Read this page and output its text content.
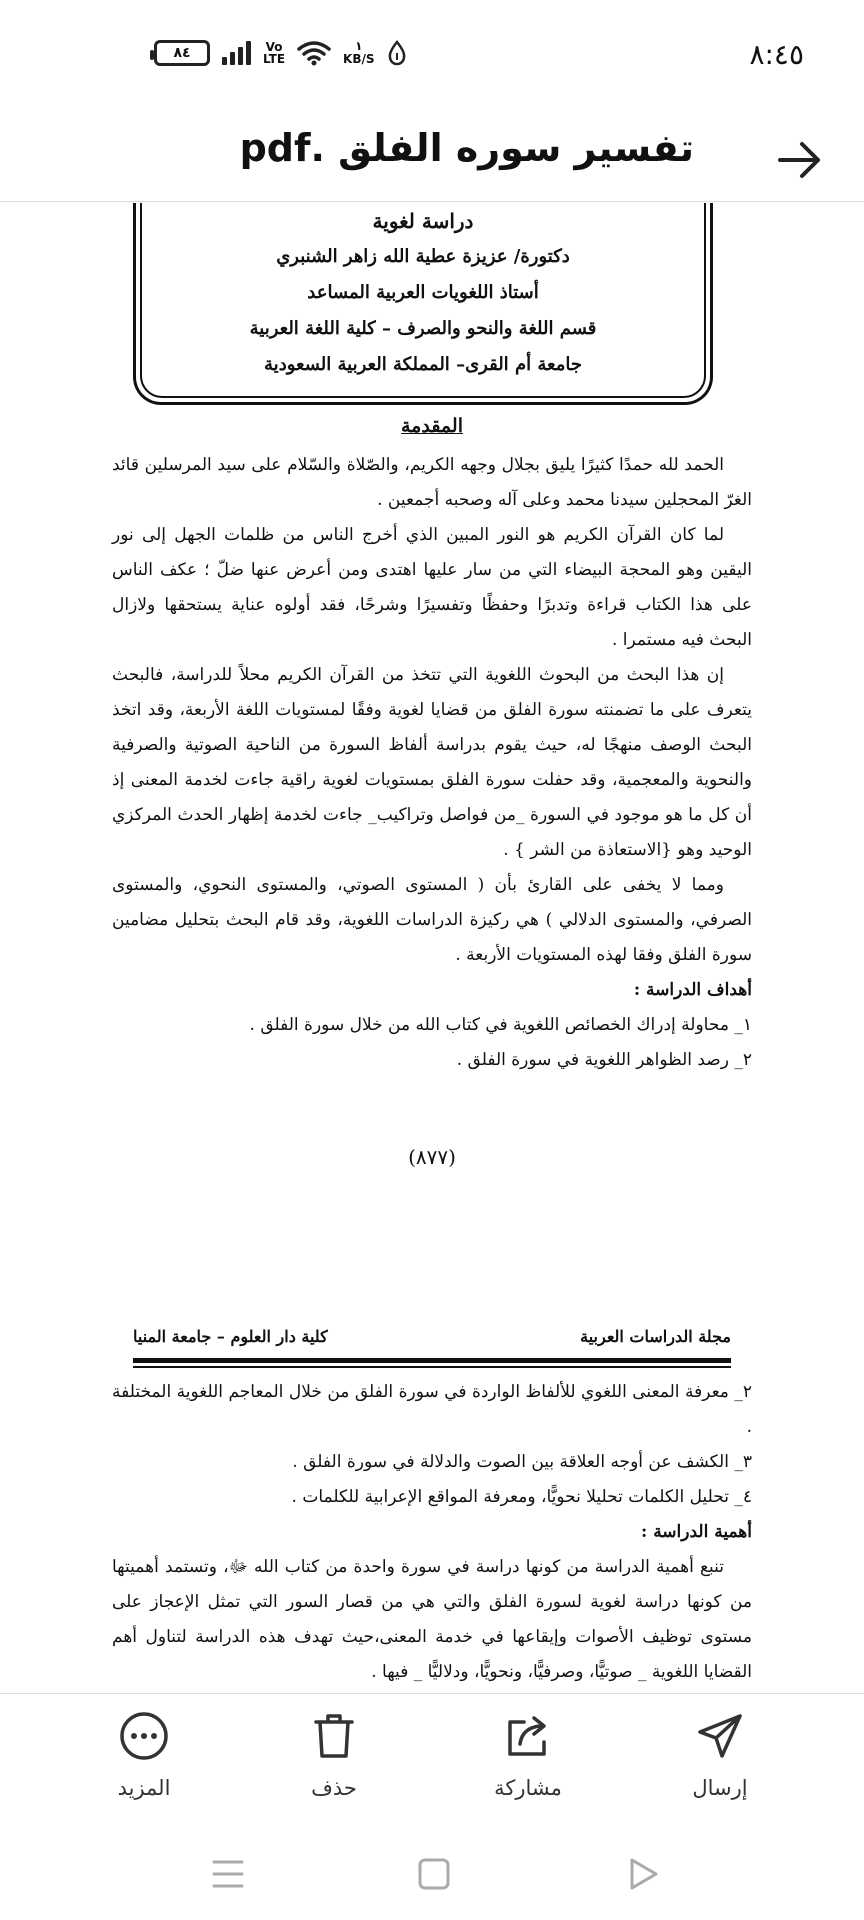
٨٤	Vo
LTE
١
KB/S	٨:٤٥
تفسير سوره الفلق .pdf
دراسة لغوية
دكتورة/ عزيزة عطية الله زاهر الشنبري
أستاذ اللغويات العربية المساعد
قسم اللغة والنحو والصرف – كلية اللغة العربية
جامعة أم القرى– المملكة العربية السعودية
المقدمة

الحمد لله حمدًا كثيرًا يليق بجلال وجهه الكريم، والصّلاة والسّلام على سيد المرسلين قائد الغرّ المحجلين سيدنا محمد وعلى آله وصحبه أجمعين .

لما كان القرآن الكريم هو النور المبين الذي أخرج الناس من ظلمات الجهل إلى نور اليقين وهو المحجة البيضاء التي من سار عليها اهتدى ومن أعرض عنها ضلّ ؛ عكف الناس على هذا الكتاب قراءة وتدبرًا وحفظًا وتفسيرًا وشرحًا، فقد أولوه عناية يستحقها ولازال البحث فيه مستمرا .

إن هذا البحث من البحوث اللغوية التي تتخذ من القرآن الكريم محلاً للدراسة، فالبحث يتعرف على ما تضمنته سورة الفلق من قضايا لغوية وفقًا لمستويات اللغة الأربعة، وقد اتخذ البحث الوصف منهجًا له، حيث يقوم بدراسة ألفاظ السورة من الناحية الصوتية والصرفية والنحوية والمعجمية، وقد حفلت سورة الفلق بمستويات لغوية راقية جاءت لخدمة المعنى إذ أن كل ما هو موجود في السورة _من فواصل وتراكيب_ جاءت لخدمة إظهار الحدث المركزي الوحيد وهو {الاستعاذة من الشر } .

ومما لا يخفى على القارئ بأن ( المستوى الصوتي، والمستوى النحوي، والمستوى الصرفي، والمستوى الدلالي ) هي ركيزة الدراسات اللغوية، وقد قام البحث بتحليل مضامين سورة الفلق وفقا لهذه المستويات الأربعة .

أهداف الدراسة :

١_ محاولة إدراك الخصائص اللغوية في كتاب الله من خلال سورة الفلق .

٢_ رصد الظواهر اللغوية في سورة الفلق .

(٨٧٧)
مجلة الدراسات العربية
كلية دار العلوم – جامعة المنيا

٢_ معرفة المعنى اللغوي للألفاظ الواردة في سورة الفلق من خلال المعاجم اللغوية المختلفة .

٣_ الكشف عن أوجه العلاقة بين الصوت والدلالة في سورة الفلق .

٤_ تحليل الكلمات تحليلا نحويًّا، ومعرفة المواقع الإعرابية للكلمات .

أهمية الدراسة :

تنبع أهمية الدراسة من كونها دراسة في سورة واحدة من كتاب الله ﷻ، وتستمد أهميتها من كونها دراسة لغوية لسورة الفلق والتي هي من قصار السور التي تمثل الإعجاز على مستوى توظيف الأصوات وإيقاعها في خدمة المعنى،حيث تهدف هذه الدراسة لتناول أهم القضايا اللغوية _ صوتيًّا، وصرفيًّا، ونحويًّا، ودلاليًّا _ فيها .

إرسال
مشاركة
حذف
المزيد
